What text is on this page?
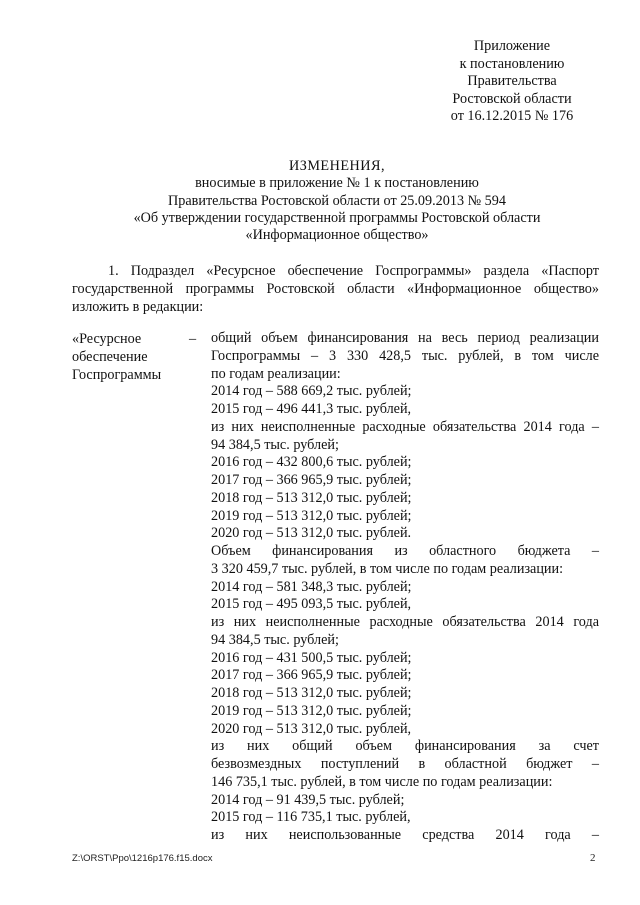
Приложение
к постановлению
Правительства
Ростовской области
от 16.12.2015 № 176
ИЗМЕНЕНИЯ,
вносимые в приложение № 1 к постановлению
Правительства Ростовской области от 25.09.2013 № 594
«Об утверждении государственной программы Ростовской области
«Информационное общество»
1. Подраздел «Ресурсное обеспечение Госпрограммы» раздела «Паспорт государственной программы Ростовской области «Информационное общество» изложить в редакции:
«Ресурсное
обеспечение
Госпрограммы
– общий объем финансирования на весь период реализации
Госпрограммы – 3 330 428,5 тыс. рублей, в том числе
по годам реализации:
2014 год – 588 669,2 тыс. рублей;
2015 год – 496 441,3 тыс. рублей,
из них неисполненные расходные обязательства 2014 года –
94 384,5 тыс. рублей;
2016 год – 432 800,6 тыс. рублей;
2017 год – 366 965,9 тыс. рублей;
2018 год – 513 312,0 тыс. рублей;
2019 год – 513 312,0 тыс. рублей;
2020 год – 513 312,0 тыс. рублей.
Объем финансирования из областного бюджета –
3 320 459,7 тыс. рублей, в том числе по годам реализации:
2014 год – 581 348,3 тыс. рублей;
2015 год – 495 093,5 тыс. рублей,
из них неисполненные расходные обязательства 2014 года
94 384,5 тыс. рублей;
2016 год – 431 500,5 тыс. рублей;
2017 год – 366 965,9 тыс. рублей;
2018 год – 513 312,0 тыс. рублей;
2019 год – 513 312,0 тыс. рублей;
2020 год – 513 312,0 тыс. рублей,
из них общий объем финансирования за счет
безвозмездных поступлений в областной бюджет –
146 735,1 тыс. рублей, в том числе по годам реализации:
2014 год – 91 439,5 тыс. рублей;
2015 год – 116 735,1 тыс. рублей,
из них неиспользованные средства 2014 года –
Z:\ORST\Ppo\1216p176.f15.docx	2
